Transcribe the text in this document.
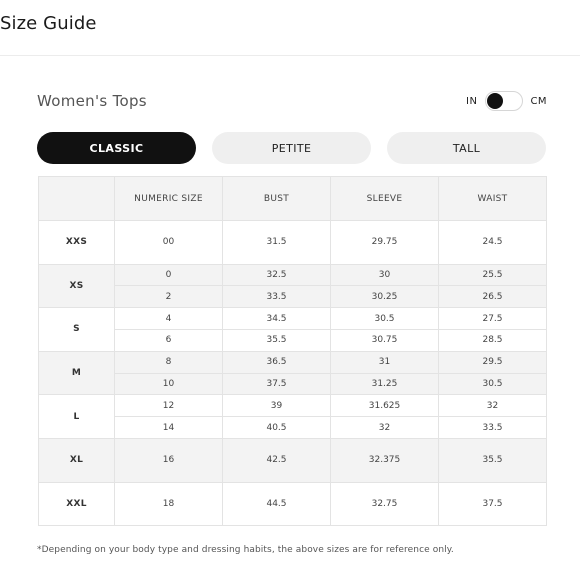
Size Guide
Women's Tops	IN	CM
CLASSIC	PETITE	TALL
	NUMERIC SIZE	BUST	SLEEVE	WAIST
XXS	00	31.5	29.75	24.5
XS	0	32.5	30	25.5
	2	33.5	30.25	26.5
S	4	34.5	30.5	27.5
	6	35.5	30.75	28.5
M	8	36.5	31	29.5
	10	37.5	31.25	30.5
L	12	39	31.625	32
	14	40.5	32	33.5
XL	16	42.5	32.375	35.5
XXL	18	44.5	32.75	37.5
*Depending on your body type and dressing habits, the above sizes are for reference only.
